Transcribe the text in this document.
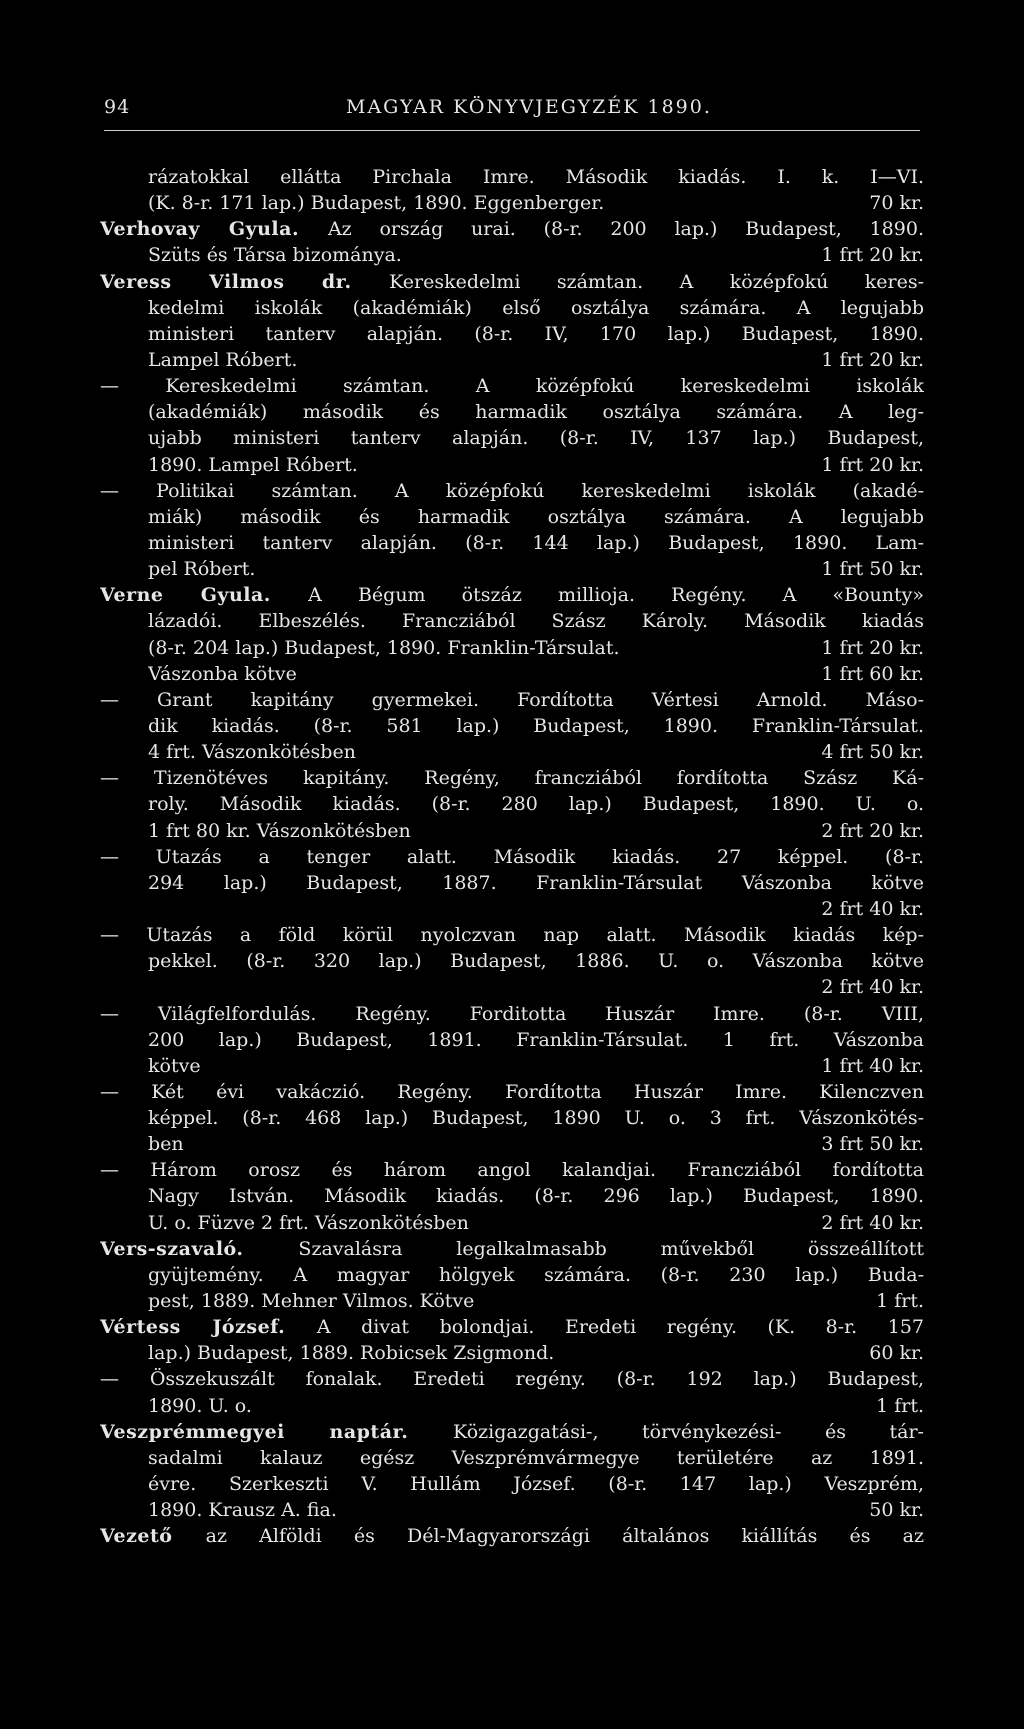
94	MAGYAR KÖNYVJEGYZÉK 1890.
rázatokkal ellátta Pirchala Imre. Második kiadás. I. k. I—VI.
(K. 8-r. 171 lap.) Budapest, 1890. Eggenberger.	70 kr.
Verhovay Gyula. Az ország urai. (8-r. 200 lap.) Budapest, 1890.
Szüts és Társa bizománya.	1 frt 20 kr.
Veress Vilmos dr. Kereskedelmi számtan. A középfokú keres-
kedelmi iskolák (akadémiák) első osztálya számára. A legujabb
ministeri tanterv alapján. (8-r. IV, 170 lap.) Budapest, 1890.
Lampel Róbert.	1 frt 20 kr.
— Kereskedelmi számtan. A középfokú kereskedelmi iskolák
(akadémiák) második és harmadik osztálya számára. A leg-
ujabb ministeri tanterv alapján. (8-r. IV, 137 lap.) Budapest,
1890. Lampel Róbert.	1 frt 20 kr.
— Politikai számtan. A középfokú kereskedelmi iskolák (akadé-
miák) második és harmadik osztálya számára. A legujabb
ministeri tanterv alapján. (8-r. 144 lap.) Budapest, 1890. Lam-
pel Róbert.	1 frt 50 kr.
Verne Gyula. A Bégum ötszáz millioja. Regény. A «Bounty»
lázadói. Elbeszélés. Francziából Szász Károly. Második kiadás
(8-r. 204 lap.) Budapest, 1890. Franklin-Társulat.	1 frt 20 kr.
Vászonba kötve	1 frt 60 kr.
— Grant kapitány gyermekei. Fordította Vértesi Arnold. Máso-
dik kiadás. (8-r. 581 lap.) Budapest, 1890. Franklin-Társulat.
4 frt. Vászonkötésben	4 frt 50 kr.
— Tizenötéves kapitány. Regény, francziából fordította Szász Ká-
roly. Második kiadás. (8-r. 280 lap.) Budapest, 1890. U. o.
1 frt 80 kr. Vászonkötésben	2 frt 20 kr.
— Utazás a tenger alatt. Második kiadás. 27 képpel. (8-r.
294 lap.) Budapest, 1887. Franklin-Társulat Vászonba kötve
2 frt 40 kr.
— Utazás a föld körül nyolczvan nap alatt. Második kiadás kép-
pekkel. (8-r. 320 lap.) Budapest, 1886. U. o. Vászonba kötve
2 frt 40 kr.
— Világfelfordulás. Regény. Forditotta Huszár Imre. (8-r. VIII,
200 lap.) Budapest, 1891. Franklin-Társulat. 1 frt. Vászonba
kötve	1 frt 40 kr.
— Két évi vakáczió. Regény. Fordította Huszár Imre. Kilenczven
képpel. (8-r. 468 lap.) Budapest, 1890 U. o. 3 frt. Vászonkötés-
ben	3 frt 50 kr.
— Három orosz és három angol kalandjai. Francziából fordította
Nagy István. Második kiadás. (8-r. 296 lap.) Budapest, 1890.
U. o. Füzve 2 frt. Vászonkötésben	2 frt 40 kr.
Vers-szavaló. Szavalásra legalkalmasabb művekből összeállított
gyüjtemény. A magyar hölgyek számára. (8-r. 230 lap.) Buda-
pest, 1889. Mehner Vilmos. Kötve	1 frt.
Vértess József. A divat bolondjai. Eredeti regény. (K. 8-r. 157
lap.) Budapest, 1889. Robicsek Zsigmond.	60 kr.
— Összekuszált fonalak. Eredeti regény. (8-r. 192 lap.) Budapest,
1890. U. o.	1 frt.
Veszprémmegyei naptár. Közigazgatási-, törvénykezési- és tár-
sadalmi kalauz egész Veszprémvármegye területére az 1891.
évre. Szerkeszti V. Hullám József. (8-r. 147 lap.) Veszprém,
1890. Krausz A. fia.	50 kr.
Vezető az Alföldi és Dél-Magyarországi általános kiállítás és az
